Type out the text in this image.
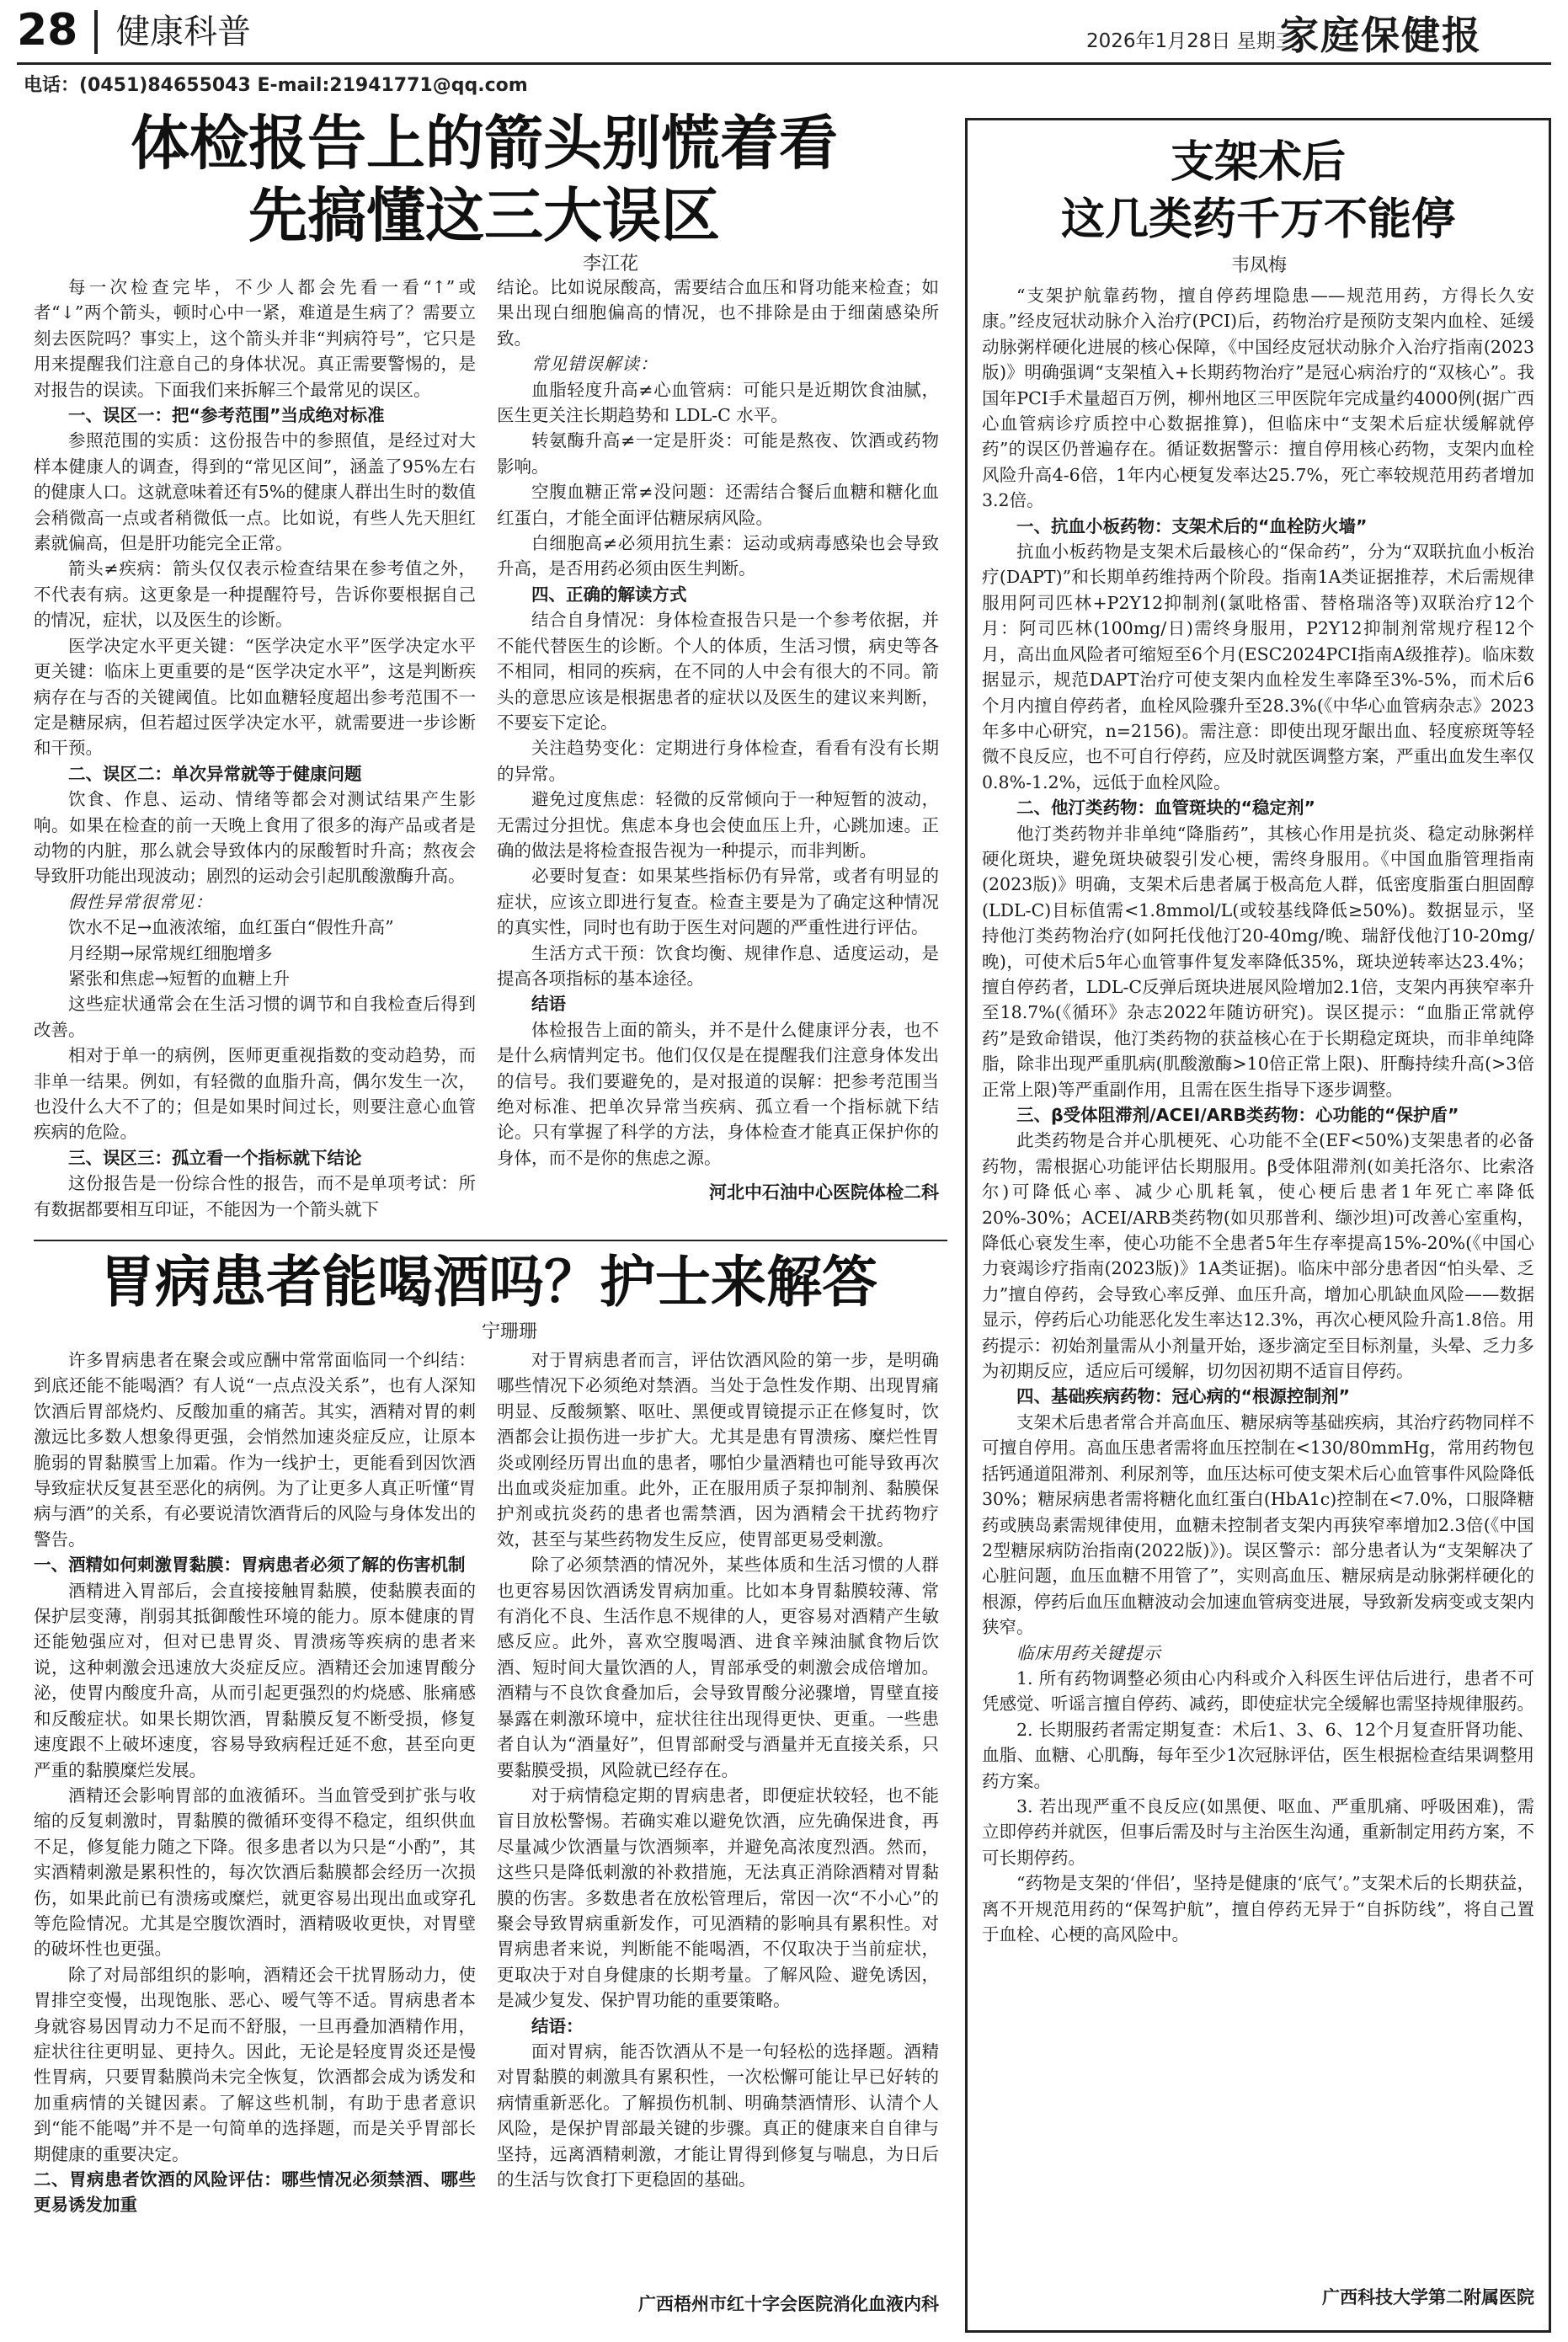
28 健康科普	2026年1月28日 星期三
家庭保健报
电话：(0451)84655043 E-mail:21941771@qq.com
体检报告上的箭头别慌着看
先搞懂这三大误区
李江花

每一次检查完毕，不少人都会先看一看“↑”或者“↓”两个箭头，顿时心中一紧，难道是生病了？需要立刻去医院吗？事实上，这个箭头并非“判病符号”，它只是用来提醒我们注意自己的身体状况。真正需要警惕的，是对报告的误读。下面我们来拆解三个最常见的误区。

一、误区一：把“参考范围”当成绝对标准

参照范围的实质：这份报告中的参照值，是经过对大样本健康人的调查，得到的“常见区间”，涵盖了95%左右的健康人口。这就意味着还有5%的健康人群出生时的数值会稍微高一点或者稍微低一点。比如说，有些人先天胆红素就偏高，但是肝功能完全正常。

箭头≠疾病：箭头仅仅表示检查结果在参考值之外，不代表有病。这更象是一种提醒符号，告诉你要根据自己的情况，症状，以及医生的诊断。

医学决定水平更关键：“医学决定水平”医学决定水平更关键：临床上更重要的是“医学决定水平”，这是判断疾病存在与否的关键阈值。比如血糖轻度超出参考范围不一定是糖尿病，但若超过医学决定水平，就需要进一步诊断和干预。

二、误区二：单次异常就等于健康问题

饮食、作息、运动、情绪等都会对测试结果产生影响。如果在检查的前一天晚上食用了很多的海产品或者是动物的内脏，那么就会导致体内的尿酸暂时升高；熬夜会导致肝功能出现波动；剧烈的运动会引起肌酸激酶升高。

假性异常很常见：

饮水不足→血液浓缩，血红蛋白“假性升高”

月经期→尿常规红细胞增多

紧张和焦虑→短暂的血糖上升

这些症状通常会在生活习惯的调节和自我检查后得到改善。

相对于单一的病例，医师更重视指数的变动趋势，而非单一结果。例如，有轻微的血脂升高，偶尔发生一次，也没什么大不了的；但是如果时间过长，则要注意心血管疾病的危险。

三、误区三：孤立看一个指标就下结论

这份报告是一份综合性的报告，而不是单项考试：所有数据都要相互印证，不能因为一个箭头就下

结论。比如说尿酸高，需要结合血压和肾功能来检查；如果出现白细胞偏高的情况，也不排除是由于细菌感染所致。

常见错误解读：

血脂轻度升高≠心血管病：可能只是近期饮食油腻，医生更关注长期趋势和 LDL-C 水平。

转氨酶升高≠一定是肝炎：可能是熬夜、饮酒或药物影响。

空腹血糖正常≠没问题：还需结合餐后血糖和糖化血红蛋白，才能全面评估糖尿病风险。

白细胞高≠必须用抗生素：运动或病毒感染也会导致升高，是否用药必须由医生判断。

四、正确的解读方式

结合自身情况：身体检查报告只是一个参考依据，并不能代替医生的诊断。个人的体质，生活习惯，病史等各不相同，相同的疾病，在不同的人中会有很大的不同。箭头的意思应该是根据患者的症状以及医生的建议来判断，不要妄下定论。

关注趋势变化：定期进行身体检查，看看有没有长期的异常。

避免过度焦虑：轻微的反常倾向于一种短暂的波动，无需过分担忧。焦虑本身也会使血压上升，心跳加速。正确的做法是将检查报告视为一种提示，而非判断。

必要时复查：如果某些指标仍有异常，或者有明显的症状，应该立即进行复查。检查主要是为了确定这种情况的真实性，同时也有助于医生对问题的严重性进行评估。

生活方式干预：饮食均衡、规律作息、适度运动，是提高各项指标的基本途径。

结语

体检报告上面的箭头，并不是什么健康评分表，也不是什么病情判定书。他们仅仅是在提醒我们注意身体发出的信号。我们要避免的，是对报道的误解：把参考范围当绝对标准、把单次异常当疾病、孤立看一个指标就下结论。只有掌握了科学的方法，身体检查才能真正保护你的身体，而不是你的焦虑之源。

河北中石油中心医院体检二科
胃病患者能喝酒吗？护士来解答
宁珊珊

许多胃病患者在聚会或应酬中常常面临同一个纠结：到底还能不能喝酒？有人说“一点点没关系”，也有人深知饮酒后胃部烧灼、反酸加重的痛苦。其实，酒精对胃的刺激远比多数人想象得更强，会悄然加速炎症反应，让原本脆弱的胃黏膜雪上加霜。作为一线护士，更能看到因饮酒导致症状反复甚至恶化的病例。为了让更多人真正听懂“胃病与酒”的关系，有必要说清饮酒背后的风险与身体发出的警告。

一、酒精如何刺激胃黏膜：胃病患者必须了解的伤害机制

酒精进入胃部后，会直接接触胃黏膜，使黏膜表面的保护层变薄，削弱其抵御酸性环境的能力。原本健康的胃还能勉强应对，但对已患胃炎、胃溃疡等疾病的患者来说，这种刺激会迅速放大炎症反应。酒精还会加速胃酸分泌，使胃内酸度升高，从而引起更强烈的灼烧感、胀痛感和反酸症状。如果长期饮酒，胃黏膜反复不断受损，修复速度跟不上破坏速度，容易导致病程迁延不愈，甚至向更严重的黏膜糜烂发展。

酒精还会影响胃部的血液循环。当血管受到扩张与收缩的反复刺激时，胃黏膜的微循环变得不稳定，组织供血不足，修复能力随之下降。很多患者以为只是“小酌”，其实酒精刺激是累积性的，每次饮酒后黏膜都会经历一次损伤，如果此前已有溃疡或糜烂，就更容易出现出血或穿孔等危险情况。尤其是空腹饮酒时，酒精吸收更快，对胃壁的破坏性也更强。

除了对局部组织的影响，酒精还会干扰胃肠动力，使胃排空变慢，出现饱胀、恶心、嗳气等不适。胃病患者本身就容易因胃动力不足而不舒服，一旦再叠加酒精作用，症状往往更明显、更持久。因此，无论是轻度胃炎还是慢性胃病，只要胃黏膜尚未完全恢复，饮酒都会成为诱发和加重病情的关键因素。了解这些机制，有助于患者意识到“能不能喝”并不是一句简单的选择题，而是关乎胃部长期健康的重要决定。

二、胃病患者饮酒的风险评估：哪些情况必须禁酒、哪些更易诱发加重

对于胃病患者而言，评估饮酒风险的第一步，是明确哪些情况下必须绝对禁酒。当处于急性发作期、出现胃痛明显、反酸频繁、呕吐、黑便或胃镜提示正在修复时，饮酒都会让损伤进一步扩大。尤其是患有胃溃疡、糜烂性胃炎或刚经历胃出血的患者，哪怕少量酒精也可能导致再次出血或炎症加重。此外，正在服用质子泵抑制剂、黏膜保护剂或抗炎药的患者也需禁酒，因为酒精会干扰药物疗效，甚至与某些药物发生反应，使胃部更易受刺激。

除了必须禁酒的情况外，某些体质和生活习惯的人群也更容易因饮酒诱发胃病加重。比如本身胃黏膜较薄、常有消化不良、生活作息不规律的人，更容易对酒精产生敏感反应。此外，喜欢空腹喝酒、进食辛辣油腻食物后饮酒、短时间大量饮酒的人，胃部承受的刺激会成倍增加。酒精与不良饮食叠加后，会导致胃酸分泌骤增，胃壁直接暴露在刺激环境中，症状往往出现得更快、更重。一些患者自认为“酒量好”，但胃部耐受与酒量并无直接关系，只要黏膜受损，风险就已经存在。

对于病情稳定期的胃病患者，即便症状较轻，也不能盲目放松警惕。若确实难以避免饮酒，应先确保进食，再尽量减少饮酒量与饮酒频率，并避免高浓度烈酒。然而，这些只是降低刺激的补救措施，无法真正消除酒精对胃黏膜的伤害。多数患者在放松管理后，常因一次“不小心”的聚会导致胃病重新发作，可见酒精的影响具有累积性。对胃病患者来说，判断能不能喝酒，不仅取决于当前症状，更取决于对自身健康的长期考量。了解风险、避免诱因，是减少复发、保护胃功能的重要策略。

结语：

面对胃病，能否饮酒从不是一句轻松的选择题。酒精对胃黏膜的刺激具有累积性，一次松懈可能让早已好转的病情重新恶化。了解损伤机制、明确禁酒情形、认清个人风险，是保护胃部最关键的步骤。真正的健康来自自律与坚持，远离酒精刺激，才能让胃得到修复与喘息，为日后的生活与饮食打下更稳固的基础。

广西梧州市红十字会医院消化血液内科
支架术后
这几类药千万不能停
韦凤梅

“支架护航靠药物，擅自停药埋隐患——规范用药，方得长久安康。”经皮冠状动脉介入治疗(PCI)后，药物治疗是预防支架内血栓、延缓动脉粥样硬化进展的核心保障，《中国经皮冠状动脉介入治疗指南(2023版)》明确强调“支架植入+长期药物治疗”是冠心病治疗的“双核心”。我国年PCI手术量超百万例，柳州地区三甲医院年完成量约4000例(据广西心血管病诊疗质控中心数据推算)，但临床中“支架术后症状缓解就停药”的误区仍普遍存在。循证数据警示：擅自停用核心药物，支架内血栓风险升高4-6倍，1年内心梗复发率达25.7%，死亡率较规范用药者增加3.2倍。

一、抗血小板药物：支架术后的“血栓防火墙”

抗血小板药物是支架术后最核心的“保命药”，分为“双联抗血小板治疗(DAPT)”和长期单药维持两个阶段。指南1A类证据推荐，术后需规律服用阿司匹林+P2Y12抑制剂(氯吡格雷、替格瑞洛等)双联治疗12个月：阿司匹林(100mg/日)需终身服用，P2Y12抑制剂常规疗程12个月，高出血风险者可缩短至6个月(ESC2024PCI指南A级推荐)。临床数据显示，规范DAPT治疗可使支架内血栓发生率降至3%-5%，而术后6个月内擅自停药者，血栓风险骤升至28.3%(《中华心血管病杂志》2023年多中心研究，n=2156)。需注意：即使出现牙龈出血、轻度瘀斑等轻微不良反应，也不可自行停药，应及时就医调整方案，严重出血发生率仅0.8%-1.2%，远低于血栓风险。

二、他汀类药物：血管斑块的“稳定剂”

他汀类药物并非单纯“降脂药”，其核心作用是抗炎、稳定动脉粥样硬化斑块，避免斑块破裂引发心梗，需终身服用。《中国血脂管理指南(2023版)》明确，支架术后患者属于极高危人群，低密度脂蛋白胆固醇(LDL-C)目标值需<1.8mmol/L(或较基线降低≥50%)。数据显示，坚持他汀类药物治疗(如阿托伐他汀20-40mg/晚、瑞舒伐他汀10-20mg/晚)，可使术后5年心血管事件复发率降低35%，斑块逆转率达23.4%；擅自停药者，LDL-C反弹后斑块进展风险增加2.1倍，支架内再狭窄率升至18.7%(《循环》杂志2022年随访研究)。误区提示：“血脂正常就停药”是致命错误，他汀类药物的获益核心在于长期稳定斑块，而非单纯降脂，除非出现严重肌病(肌酸激酶>10倍正常上限)、肝酶持续升高(>3倍正常上限)等严重副作用，且需在医生指导下逐步调整。

三、β受体阻滞剂/ACEI/ARB类药物：心功能的“保护盾”

此类药物是合并心肌梗死、心功能不全(EF<50%)支架患者的必备药物，需根据心功能评估长期服用。β受体阻滞剂(如美托洛尔、比索洛尔)可降低心率、减少心肌耗氧，使心梗后患者1年死亡率降低20%-30%；ACEI/ARB类药物(如贝那普利、缬沙坦)可改善心室重构，降低心衰发生率，使心功能不全患者5年生存率提高15%-20%(《中国心力衰竭诊疗指南(2023版)》1A类证据)。临床中部分患者因“怕头晕、乏力”擅自停药，会导致心率反弹、血压升高，增加心肌缺血风险——数据显示，停药后心功能恶化发生率达12.3%，再次心梗风险升高1.8倍。用药提示：初始剂量需从小剂量开始，逐步滴定至目标剂量，头晕、乏力多为初期反应，适应后可缓解，切勿因初期不适盲目停药。

四、基础疾病药物：冠心病的“根源控制剂”

支架术后患者常合并高血压、糖尿病等基础疾病，其治疗药物同样不可擅自停用。高血压患者需将血压控制在<130/80mmHg，常用药物包括钙通道阻滞剂、利尿剂等，血压达标可使支架术后心血管事件风险降低30%；糖尿病患者需将糖化血红蛋白(HbA1c)控制在<7.0%，口服降糖药或胰岛素需规律使用，血糖未控制者支架内再狭窄率增加2.3倍(《中国2型糖尿病防治指南(2022版)》)。误区警示：部分患者认为“支架解决了心脏问题，血压血糖不用管了”，实则高血压、糖尿病是动脉粥样硬化的根源，停药后血压血糖波动会加速血管病变进展，导致新发病变或支架内狭窄。

临床用药关键提示

1. 所有药物调整必须由心内科或介入科医生评估后进行，患者不可凭感觉、听谣言擅自停药、减药，即使症状完全缓解也需坚持规律服药。

2. 长期服药者需定期复查：术后1、3、6、12个月复查肝肾功能、血脂、血糖、心肌酶，每年至少1次冠脉评估，医生根据检查结果调整用药方案。

3. 若出现严重不良反应(如黑便、呕血、严重肌痛、呼吸困难)，需立即停药并就医，但事后需及时与主治医生沟通，重新制定用药方案，不可长期停药。

“药物是支架的‘伴侣’，坚持是健康的‘底气’。”支架术后的长期获益，离不开规范用药的“保驾护航”，擅自停药无异于“自拆防线”，将自己置于血栓、心梗的高风险中。

广西科技大学第二附属医院
